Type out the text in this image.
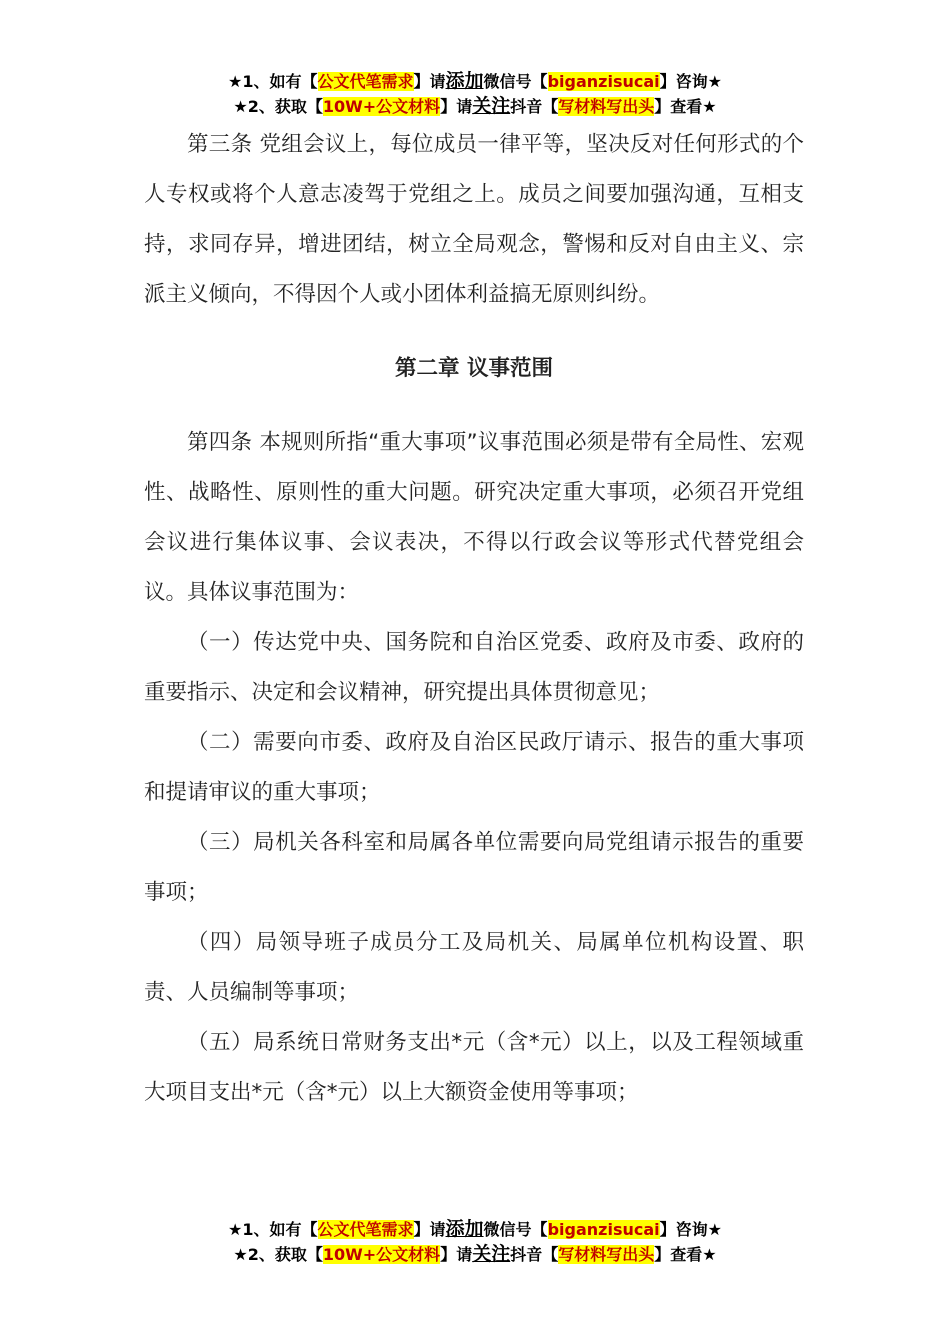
★1、如有【公文代笔需求】请添加微信号【biganzisucai】咨询★
★2、获取【10W+公文材料】请关注抖音【写材料写出头】查看★

第三条 党组会议上，每位成员一律平等，坚决反对任何形式的个人专权或将个人意志凌驾于党组之上。成员之间要加强沟通，互相支持，求同存异，增进团结，树立全局观念，警惕和反对自由主义、宗派主义倾向，不得因个人或小团体利益搞无原则纠纷。

第二章 议事范围

第四条 本规则所指“重大事项”议事范围必须是带有全局性、宏观性、战略性、原则性的重大问题。研究决定重大事项，必须召开党组会议进行集体议事、会议表决，不得以行政会议等形式代替党组会议。具体议事范围为：

（一）传达党中央、国务院和自治区党委、政府及市委、政府的重要指示、决定和会议精神，研究提出具体贯彻意见；

（二）需要向市委、政府及自治区民政厅请示、报告的重大事项和提请审议的重大事项；

（三）局机关各科室和局属各单位需要向局党组请示报告的重要事项；

（四）局领导班子成员分工及局机关、局属单位机构设置、职责、人员编制等事项；

（五）局系统日常财务支出*元（含*元）以上，以及工程领域重大项目支出*元（含*元）以上大额资金使用等事项；

★1、如有【公文代笔需求】请添加微信号【biganzisucai】咨询★
★2、获取【10W+公文材料】请关注抖音【写材料写出头】查看★
